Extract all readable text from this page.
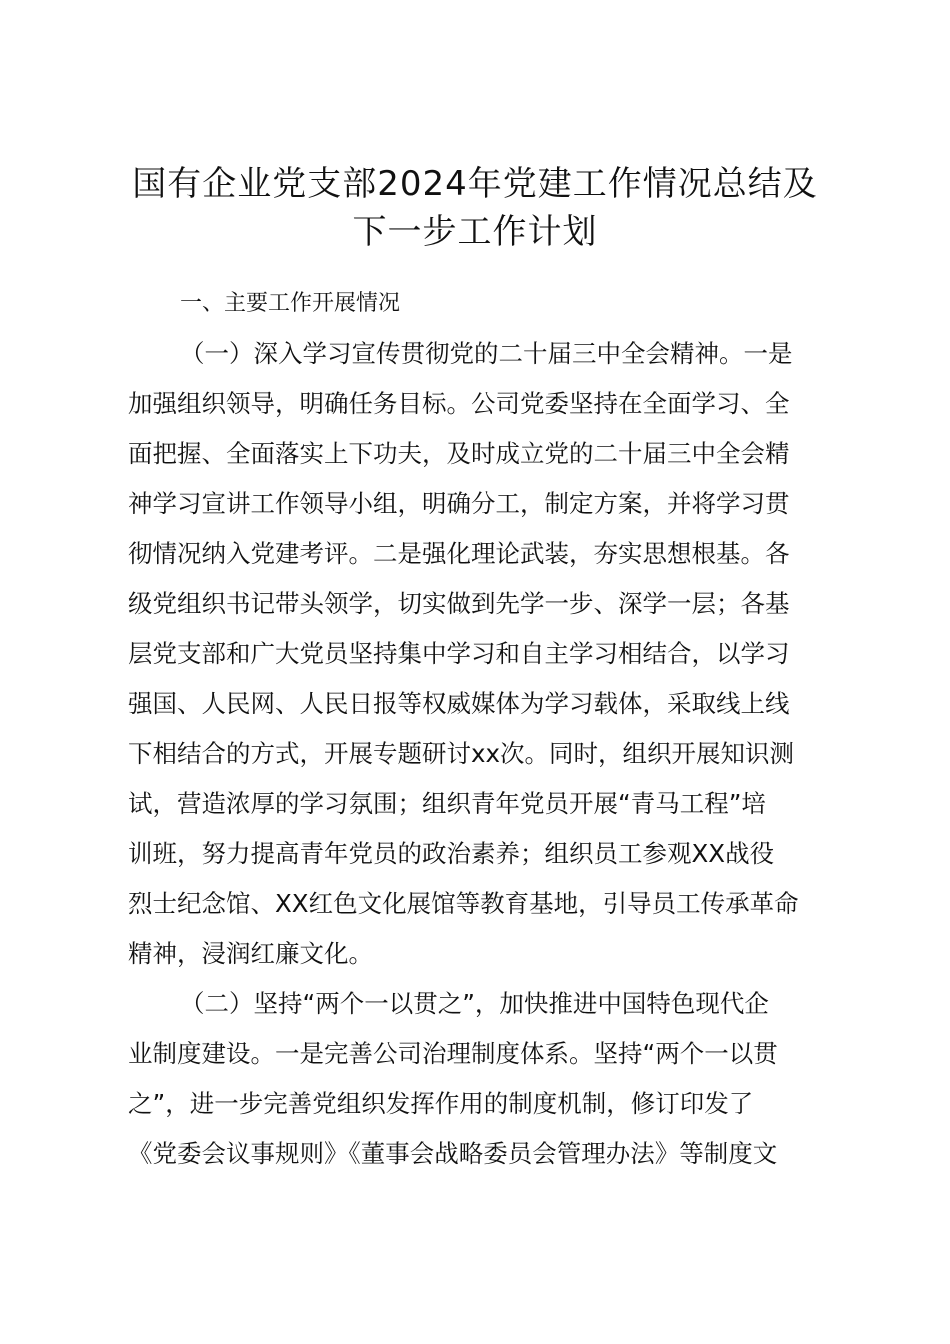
国有企业党支部2024年党建工作情况总结及
下一步工作计划
一、主要工作开展情况
（一）深入学习宣传贯彻党的二十届三中全会精神。一是
加强组织领导，明确任务目标。公司党委坚持在全面学习、全
面把握、全面落实上下功夫，及时成立党的二十届三中全会精
神学习宣讲工作领导小组，明确分工，制定方案，并将学习贯
彻情况纳入党建考评。二是强化理论武装，夯实思想根基。各
级党组织书记带头领学，切实做到先学一步、深学一层；各基
层党支部和广大党员坚持集中学习和自主学习相结合，以学习
强国、人民网、人民日报等权威媒体为学习载体，采取线上线
下相结合的方式，开展专题研讨xx次。同时，组织开展知识测
试，营造浓厚的学习氛围；组织青年党员开展“青马工程”培
训班，努力提高青年党员的政治素养；组织员工参观XX战役
烈士纪念馆、XX红色文化展馆等教育基地，引导员工传承革命
精神，浸润红廉文化。
（二）坚持“两个一以贯之”，加快推进中国特色现代企
业制度建设。一是完善公司治理制度体系。坚持“两个一以贯
之”，进一步完善党组织发挥作用的制度机制，修订印发了
《党委会议事规则》《董事会战略委员会管理办法》等制度文
